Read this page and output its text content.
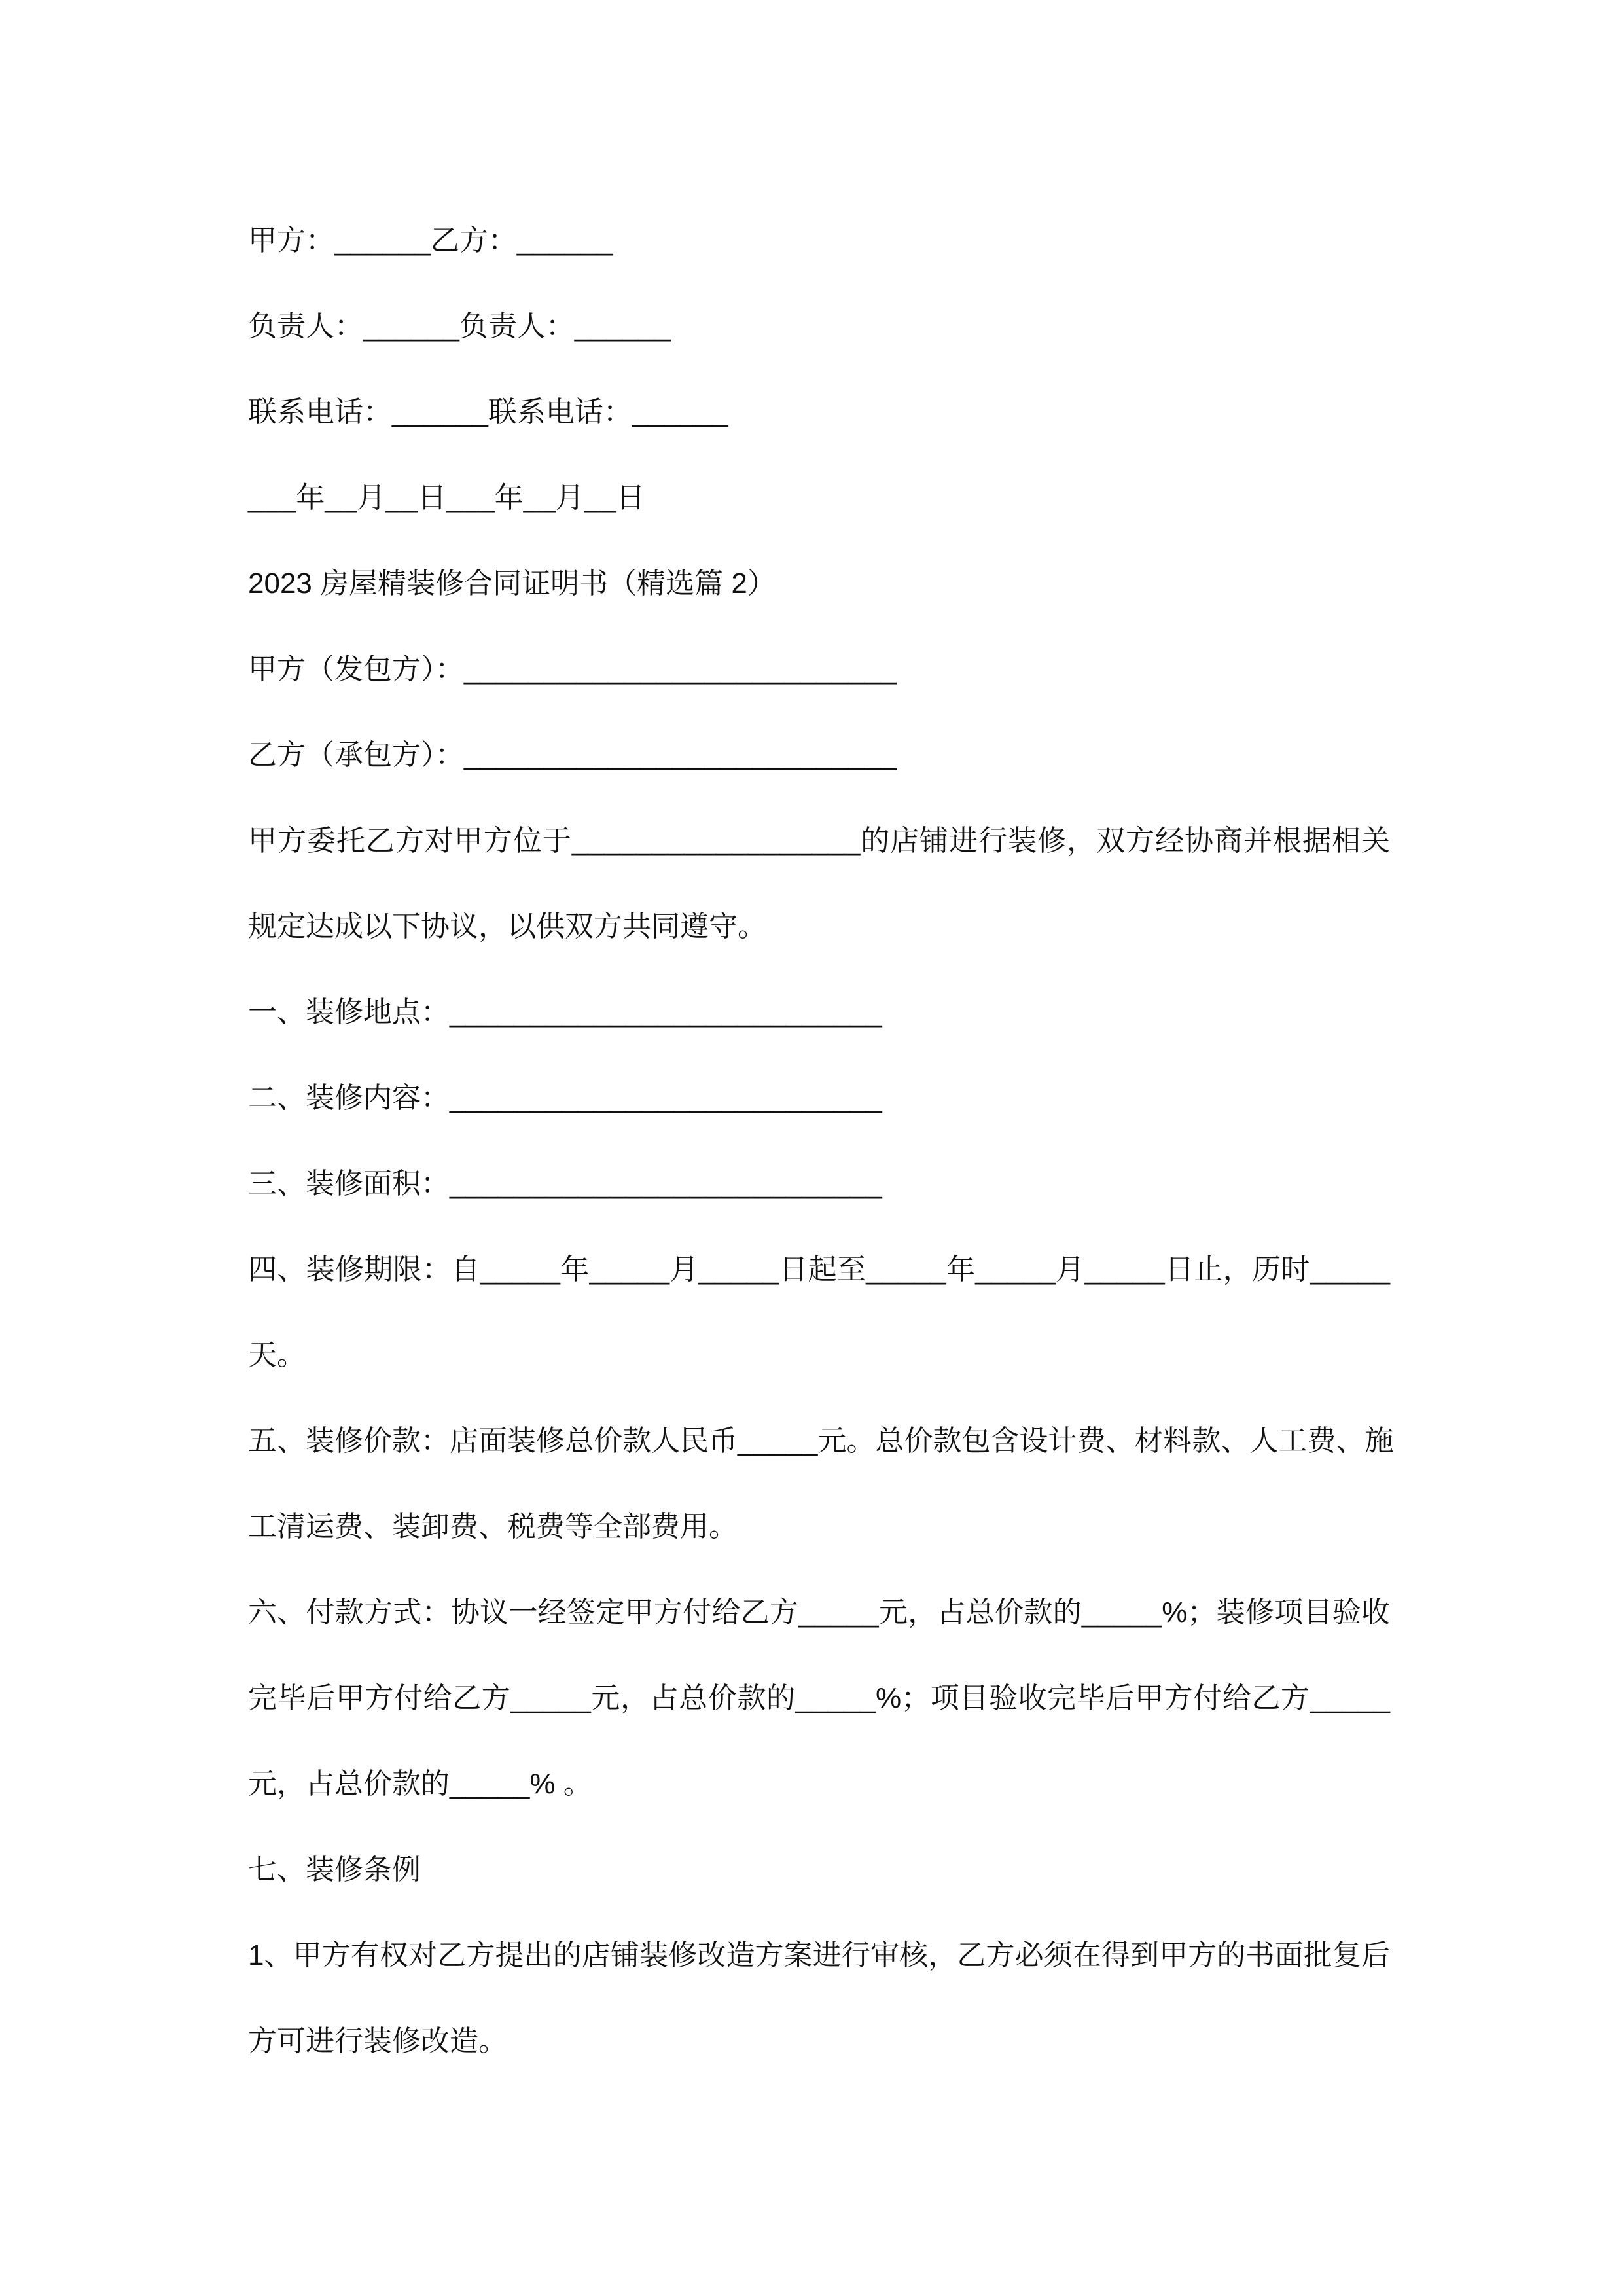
甲方：______乙方：______
负责人：______负责人：______
联系电话：______联系电话：______
___年__月__日___年__月__日
2023 房屋精装修合同证明书（精选篇 2）
甲方（发包方）：___________________________
乙方（承包方）：___________________________
甲方委托乙方对甲方位于__________________的店铺进行装修，双方经协商并根据相关
规定达成以下协议，以供双方共同遵守。
一、装修地点：___________________________
二、装修内容：___________________________
三、装修面积：___________________________
四、装修期限：自_____年_____月_____日起至_____年_____月_____日止，历时_____
天。
五、装修价款：店面装修总价款人民币_____元。总价款包含设计费、材料款、人工费、施
工清运费、装卸费、税费等全部费用。
六、付款方式：协议一经签定甲方付给乙方_____元，占总价款的_____%；装修项目验收
完毕后甲方付给乙方_____元，占总价款的_____%；项目验收完毕后甲方付给乙方_____
元，占总价款的_____% 。
七、装修条例
1、甲方有权对乙方提出的店铺装修改造方案进行审核，乙方必须在得到甲方的书面批复后
方可进行装修改造。
